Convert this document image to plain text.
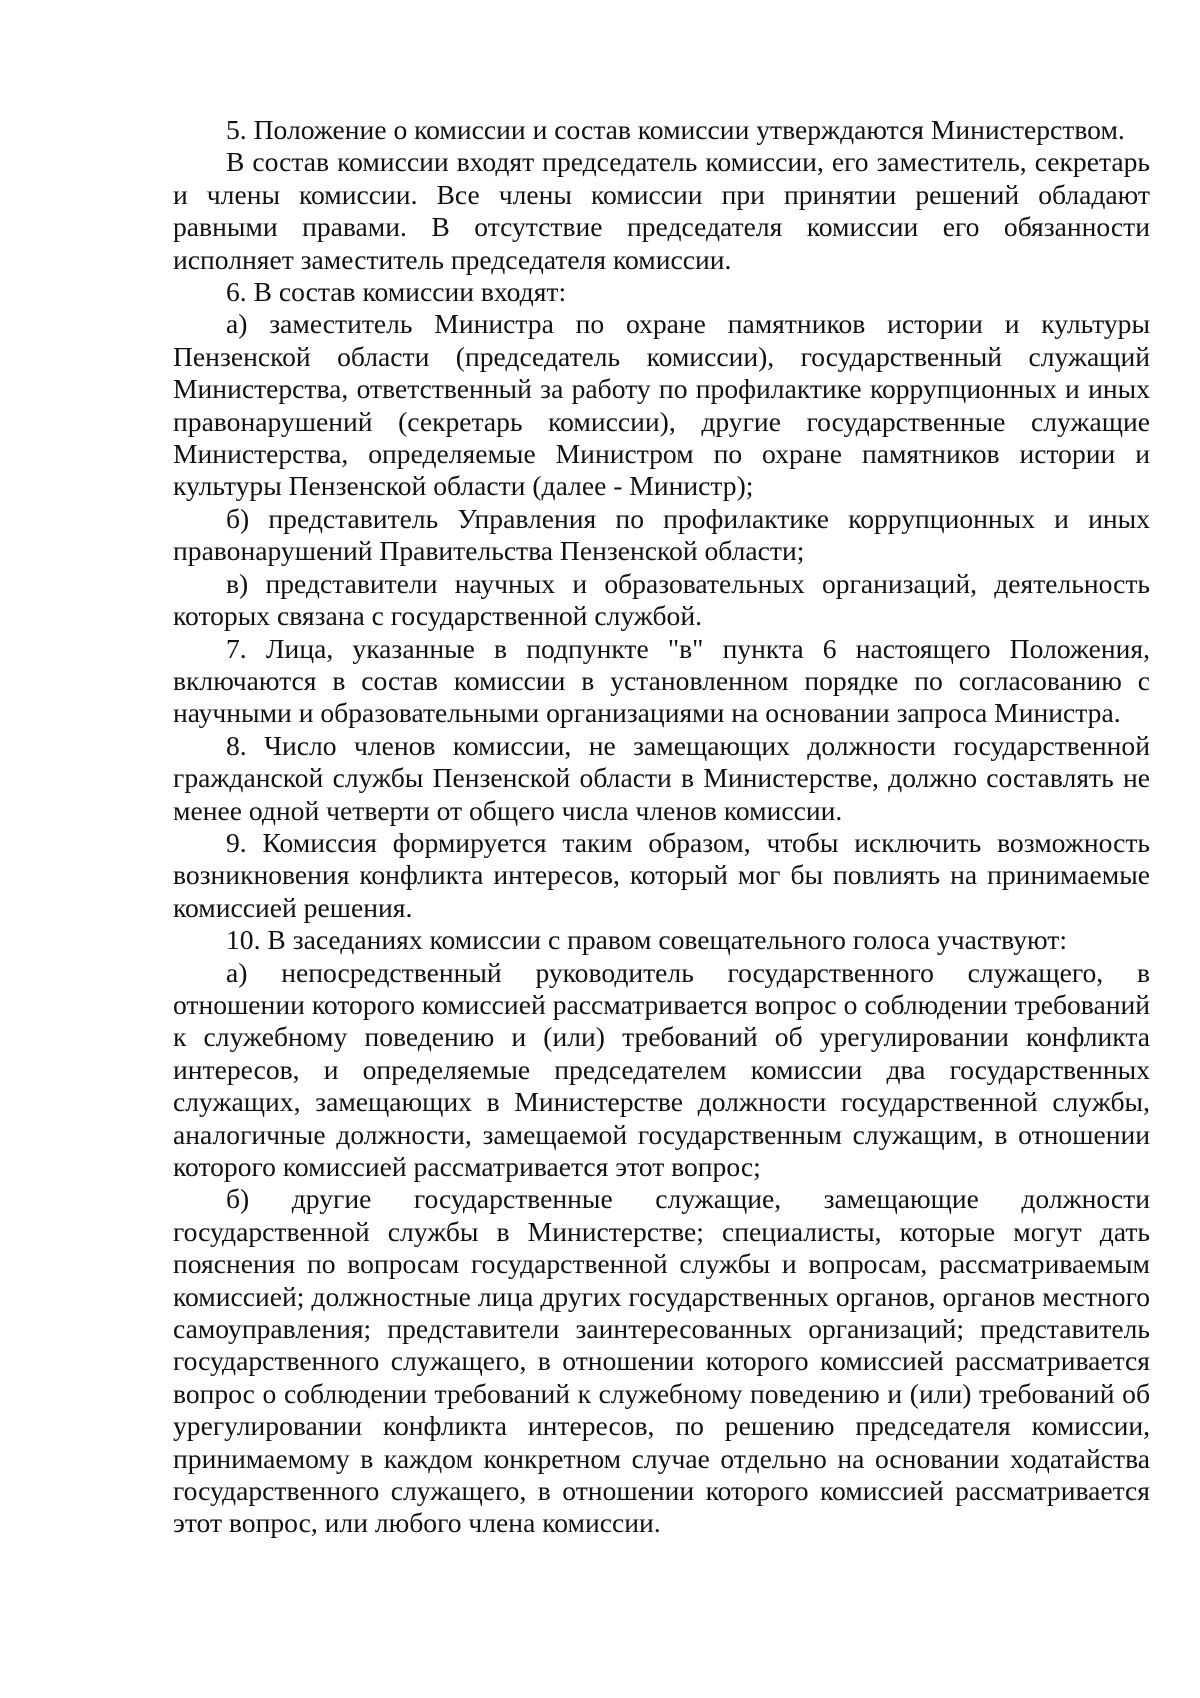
5. Положение о комиссии и состав комиссии утверждаются Министерством.

В состав комиссии входят председатель комиссии, его заместитель, секретарь и члены комиссии. Все члены комиссии при принятии решений обладают равными правами. В отсутствие председателя комиссии его обязанности исполняет заместитель председателя комиссии.

6. В состав комиссии входят:

а) заместитель Министра по охране памятников истории и культуры Пензенской области (председатель комиссии), государственный служащий Министерства, ответственный за работу по профилактике коррупционных и иных правонарушений (секретарь комиссии), другие государственные служащие Министерства, определяемые Министром по охране памятников истории и культуры Пензенской области (далее - Министр);

б) представитель Управления по профилактике коррупционных и иных правонарушений Правительства Пензенской области;

в) представители научных и образовательных организаций, деятельность которых связана с государственной службой.

7. Лица, указанные в подпункте "в" пункта 6 настоящего Положения, включаются в состав комиссии в установленном порядке по согласованию с научными и образовательными организациями на основании запроса Министра.

8. Число членов комиссии, не замещающих должности государственной гражданской службы Пензенской области в Министерстве, должно составлять не менее одной четверти от общего числа членов комиссии.

9. Комиссия формируется таким образом, чтобы исключить возможность возникновения конфликта интересов, который мог бы повлиять на принимаемые комиссией решения.

10. В заседаниях комиссии с правом совещательного голоса участвуют:

а) непосредственный руководитель государственного служащего, в отношении которого комиссией рассматривается вопрос о соблюдении требований к служебному поведению и (или) требований об урегулировании конфликта интересов, и определяемые председателем комиссии два государственных служащих, замещающих в Министерстве должности государственной службы, аналогичные должности, замещаемой государственным служащим, в отношении которого комиссией рассматривается этот вопрос;

б) другие государственные служащие, замещающие должности государственной службы в Министерстве; специалисты, которые могут дать пояснения по вопросам государственной службы и вопросам, рассматриваемым комиссией; должностные лица других государственных органов, органов местного самоуправления; представители заинтересованных организаций; представитель государственного служащего, в отношении которого комиссией рассматривается вопрос о соблюдении требований к служебному поведению и (или) требований об урегулировании конфликта интересов, по решению председателя комиссии, принимаемому в каждом конкретном случае отдельно на основании ходатайства государственного служащего, в отношении которого комиссией рассматривается этот вопрос, или любого члена комиссии.
